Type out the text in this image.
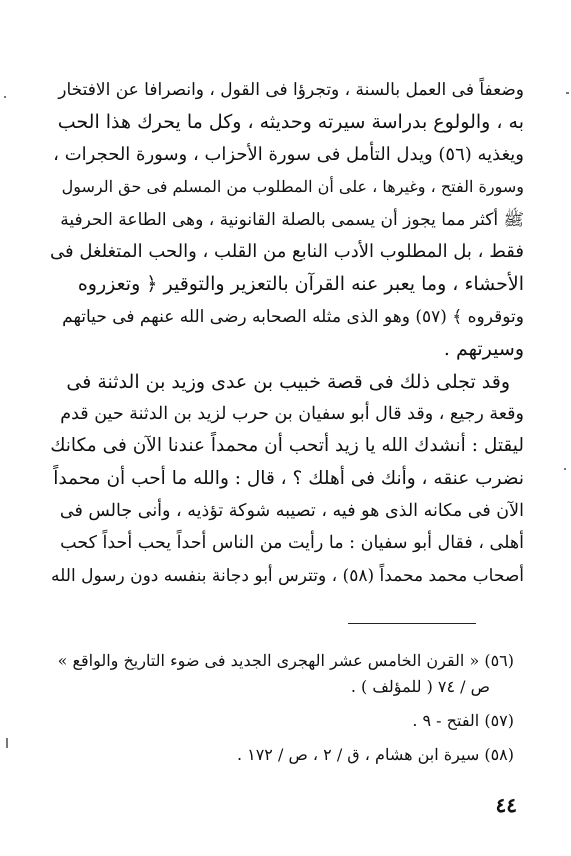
وضعفاً فى العمل بالسنة ، وتجرؤا فى القول ، وانصرافا عن الافتخار
به ، والولوع بدراسة سيرته وحديثه ، وكل ما يحرك هذا الحب
ويغذيه (٥٦) ويدل التأمل فى سورة الأحزاب ، وسورة الحجرات ،
وسورة الفتح ، وغيرها ، على أن المطلوب من المسلم فى حق الرسول
ﷺ أكثر مما يجوز أن يسمى بالصلة القانونية ، وهى الطاعة الحرفية
فقط ، بل المطلوب الأدب النابع من القلب ، والحب المتغلغل فى
الأحشاء ، وما يعبر عنه القرآن بالتعزير والتوقير ﴿ وتعزروه
وتوقروه ﴾ (٥٧) وهو الذى مثله الصحابه رضى الله عنهم فى حياتهم
وسيرتهم .
وقد تجلى ذلك فى قصة خبيب بن عدى وزيد بن الدثنة فى
وقعة رجيع ، وقد قال أبو سفيان بن حرب لزيد بن الدثنة حين قدم
ليقتل : أنشدك الله يا زيد أتحب أن محمداً عندنا الآن فى مكانك
نضرب عنقه ، وأنك فى أهلك ؟ ، قال : والله ما أحب أن محمداً
الآن فى مكانه الذى هو فيه ، تصيبه شوكة تؤذيه ، وأنى جالس فى
أهلى ، فقال أبو سفيان : ما رأيت من الناس أحداً يحب أحداً كحب
أصحاب محمد محمداً (٥٨) ، وتترس أبو دجانة بنفسه دون رسول الله
(٥٦) « القرن الخامس عشر الهجرى الجديد فى ضوء التاريخ والواقع »
ص / ٧٤ ( للمؤلف ) .
(٥٧) الفتح - ٩ .
(٥٨) سيرة ابن هشام ، ق / ٢ ، ص / ١٧٢ .
٤٤
